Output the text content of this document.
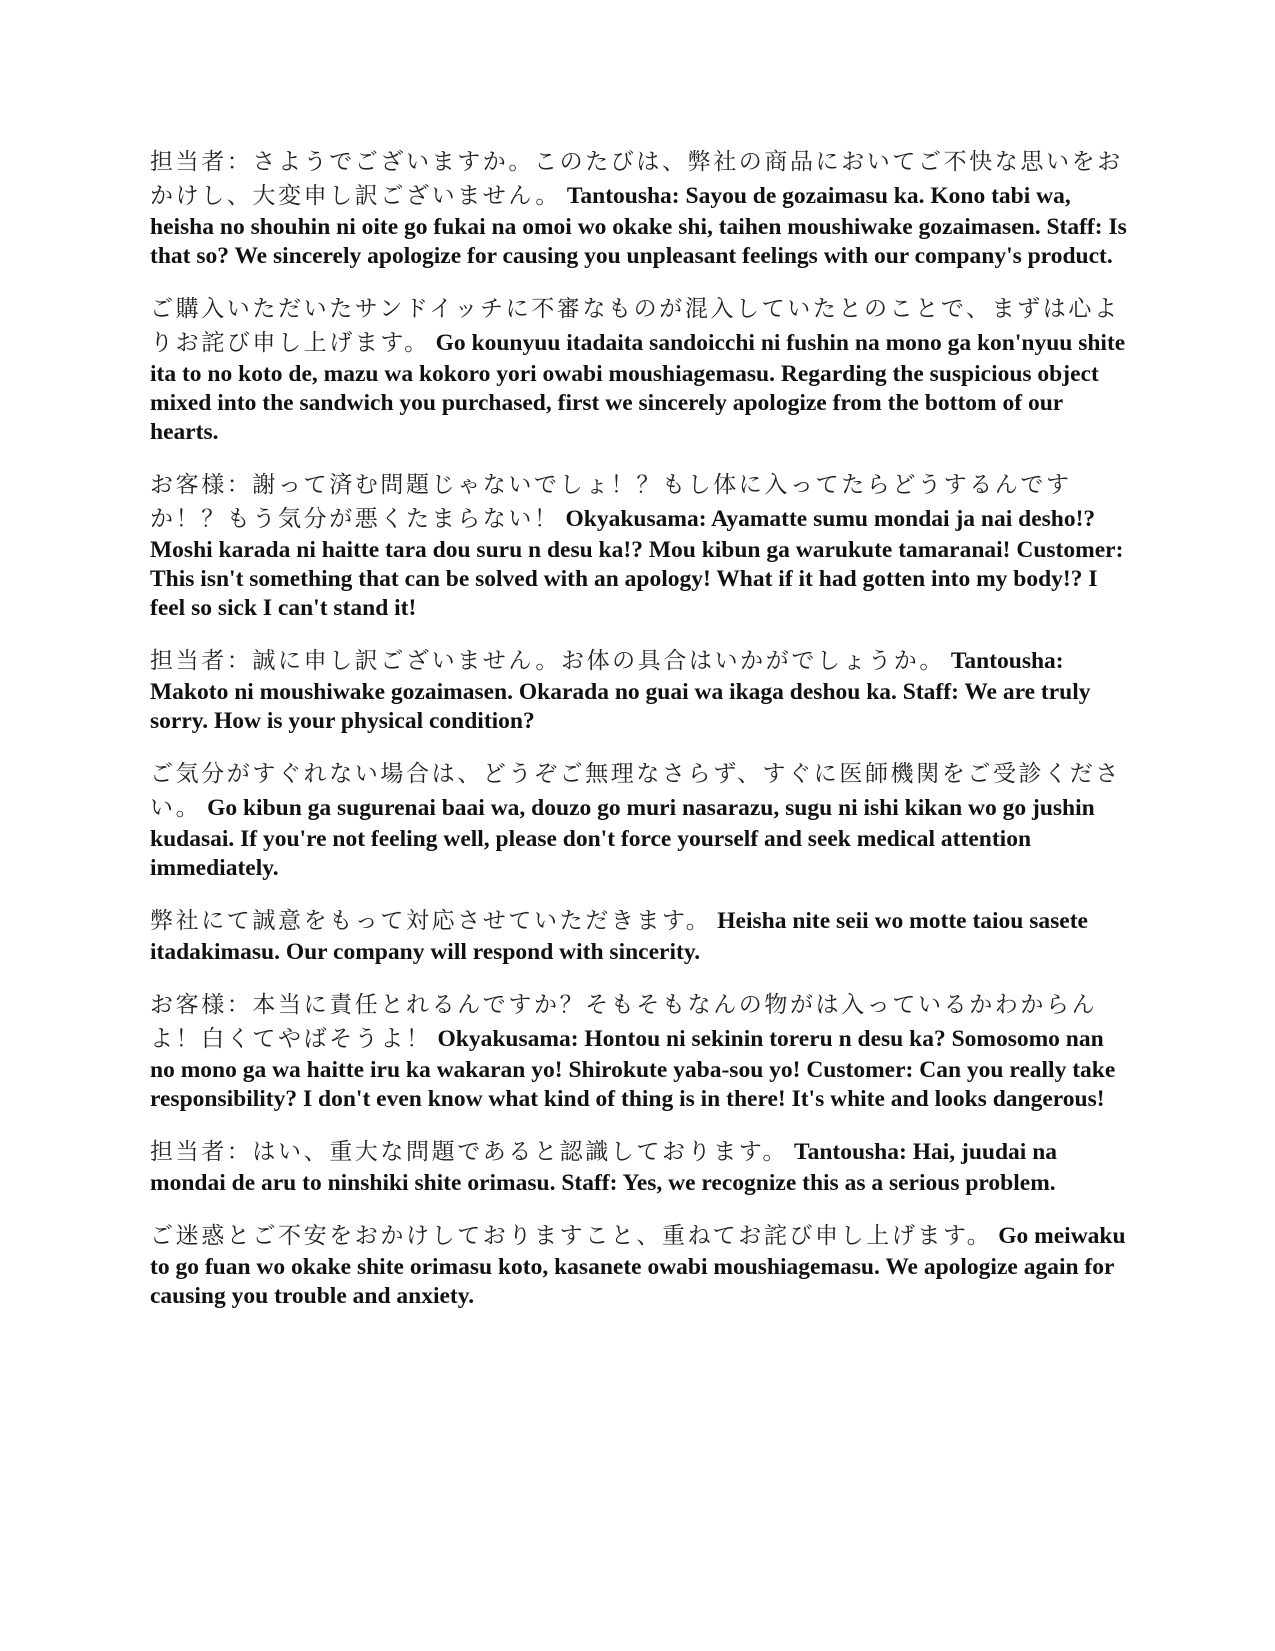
担当者：さようでございますか。このたびは、弊社の商品においてご不快な思いをおかけし、大変申し訳ございません。 Tantousha: Sayou de gozaimasu ka. Kono tabi wa, heisha no shouhin ni oite go fukai na omoi wo okake shi, taihen moushiwake gozaimasen. Staff: Is that so? We sincerely apologize for causing you unpleasant feelings with our company's product.

ご購入いただいたサンドイッチに不審なものが混入していたとのことで、まずは心よりお詫び申し上げます。 Go kounyuu itadaita sandoicchi ni fushin na mono ga kon'nyuu shite ita to no koto de, mazu wa kokoro yori owabi moushiagemasu. Regarding the suspicious object mixed into the sandwich you purchased, first we sincerely apologize from the bottom of our hearts.

お客様：謝って済む問題じゃないでしょ！？もし体に入ってたらどうするんですか！？もう気分が悪くたまらない！ Okyakusama: Ayamatte sumu mondai ja nai desho!? Moshi karada ni haitte tara dou suru n desu ka!? Mou kibun ga warukute tamaranai! Customer: This isn't something that can be solved with an apology! What if it had gotten into my body!? I feel so sick I can't stand it!

担当者：誠に申し訳ございません。お体の具合はいかがでしょうか。 Tantousha: Makoto ni moushiwake gozaimasen. Okarada no guai wa ikaga deshou ka. Staff: We are truly sorry. How is your physical condition?

ご気分がすぐれない場合は、どうぞご無理なさらず、すぐに医師機関をご受診ください。 Go kibun ga sugurenai baai wa, douzo go muri nasarazu, sugu ni ishi kikan wo go jushin kudasai. If you're not feeling well, please don't force yourself and seek medical attention immediately.

弊社にて誠意をもって対応させていただきます。 Heisha nite seii wo motte taiou sasete itadakimasu. Our company will respond with sincerity.

お客様：本当に責任とれるんですか？そもそもなんの物がは入っているかわからんよ！白くてやばそうよ！ Okyakusama: Hontou ni sekinin toreru n desu ka? Somosomo nan no mono ga wa haitte iru ka wakaran yo! Shirokute yaba-sou yo! Customer: Can you really take responsibility? I don't even know what kind of thing is in there! It's white and looks dangerous!

担当者：はい、重大な問題であると認識しております。 Tantousha: Hai, juudai na mondai de aru to ninshiki shite orimasu. Staff: Yes, we recognize this as a serious problem.

ご迷惑とご不安をおかけしておりますこと、重ねてお詫び申し上げます。 Go meiwaku to go fuan wo okake shite orimasu koto, kasanete owabi moushiagemasu. We apologize again for causing you trouble and anxiety.
